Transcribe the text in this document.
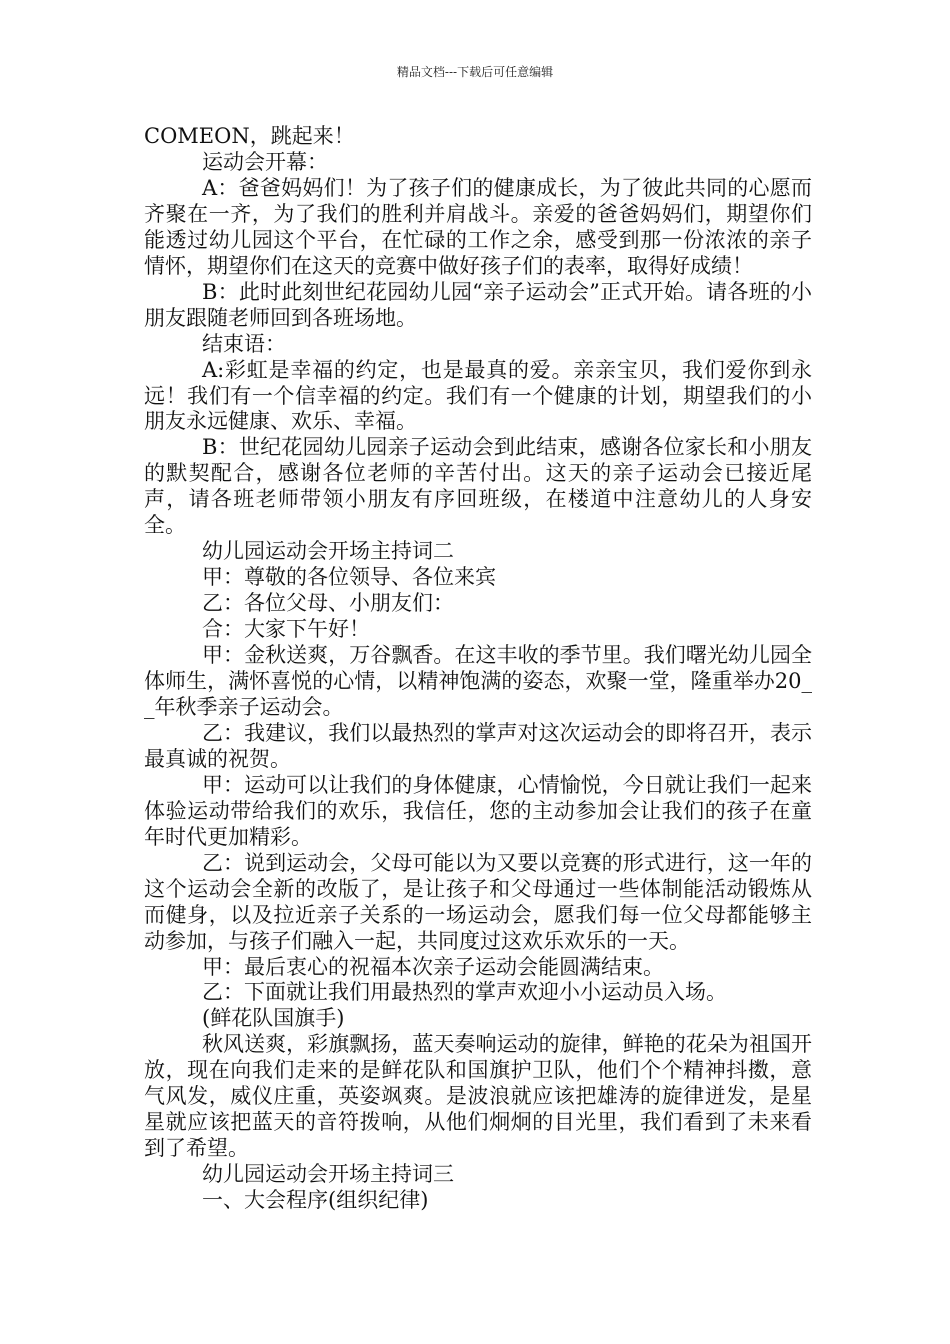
精品文档---下载后可任意编辑

COMEON，跳起来！

运动会开幕：

A：爸爸妈妈们！为了孩子们的健康成长，为了彼此共同的心愿而齐聚在一齐，为了我们的胜利并肩战斗。亲爱的爸爸妈妈们，期望你们能透过幼儿园这个平台，在忙碌的工作之余，感受到那一份浓浓的亲子情怀，期望你们在这天的竞赛中做好孩子们的表率，取得好成绩！

B：此时此刻世纪花园幼儿园“亲子运动会”正式开始。请各班的小朋友跟随老师回到各班场地。

结束语：

A:彩虹是幸福的约定，也是最真的爱。亲亲宝贝，我们爱你到永远！我们有一个信幸福的约定。我们有一个健康的计划，期望我们的小朋友永远健康、欢乐、幸福。

B：世纪花园幼儿园亲子运动会到此结束，感谢各位家长和小朋友的默契配合，感谢各位老师的辛苦付出。这天的亲子运动会已接近尾声，请各班老师带领小朋友有序回班级，在楼道中注意幼儿的人身安全。

幼儿园运动会开场主持词二

甲：尊敬的各位领导、各位来宾

乙：各位父母、小朋友们：

合：大家下午好！

甲：金秋送爽，万谷飘香。在这丰收的季节里。我们曙光幼儿园全体师生，满怀喜悦的心情，以精神饱满的姿态，欢聚一堂，隆重举办20__年秋季亲子运动会。

乙：我建议，我们以最热烈的掌声对这次运动会的即将召开，表示最真诚的祝贺。

甲：运动可以让我们的身体健康，心情愉悦，今日就让我们一起来体验运动带给我们的欢乐，我信任，您的主动参加会让我们的孩子在童年时代更加精彩。

乙：说到运动会，父母可能以为又要以竞赛的形式进行，这一年的这个运动会全新的改版了，是让孩子和父母通过一些体制能活动锻炼从而健身，以及拉近亲子关系的一场运动会，愿我们每一位父母都能够主动参加，与孩子们融入一起，共同度过这欢乐欢乐的一天。

甲：最后衷心的祝福本次亲子运动会能圆满结束。

乙：下面就让我们用最热烈的掌声欢迎小小运动员入场。

(鲜花队国旗手)

秋风送爽，彩旗飘扬，蓝天奏响运动的旋律，鲜艳的花朵为祖国开放，现在向我们走来的是鲜花队和国旗护卫队，他们个个精神抖擞，意气风发，威仪庄重，英姿飒爽。是波浪就应该把雄涛的旋律迸发，是星星就应该把蓝天的音符拨响，从他们炯炯的目光里，我们看到了未来看到了希望。

幼儿园运动会开场主持词三

一、大会程序(组织纪律)
